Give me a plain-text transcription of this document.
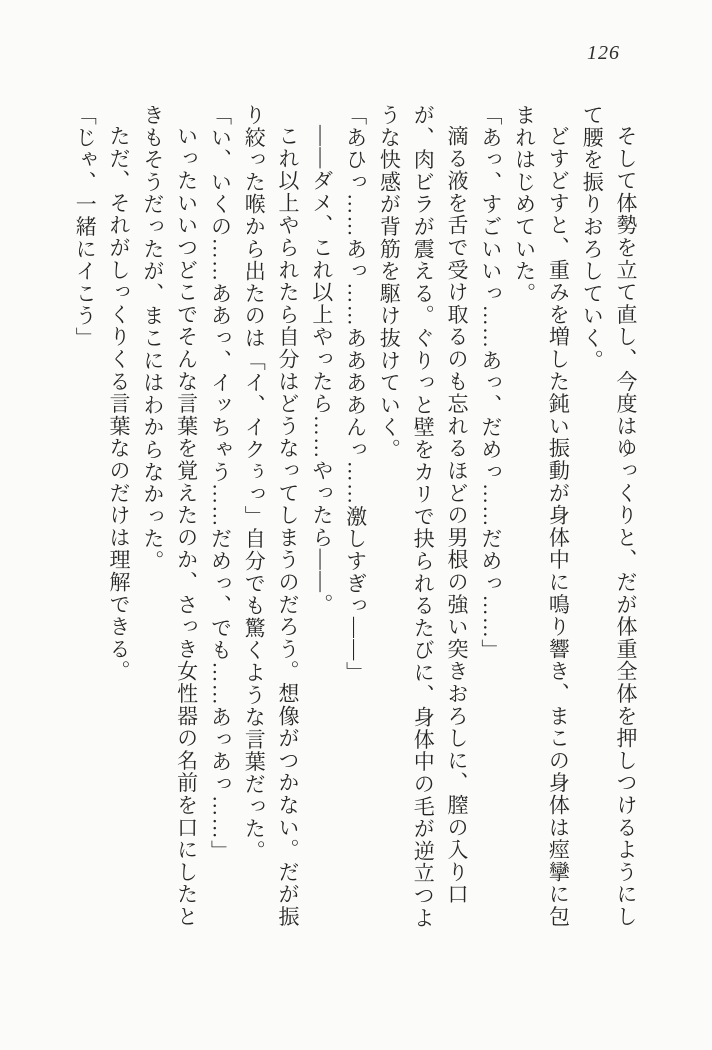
126

そして体勢を立て直し、今度はゆっくりと、だが体重全体を押しつけるようにして腰を振りおろしていく。

どすどすと、重みを増した鈍い振動が身体中に鳴り響き、まこの身体は痙攣に包まれはじめていた。

「あっ、すごいいっ……あっ、だめっ……だめっ……」

滴る液を舌で受け取るのも忘れるほどの男根の強い突きおろしに、膣の入り口が、肉ビラが震える。ぐりっと壁をカリで抉られるたびに、身体中の毛が逆立つような快感が背筋を駆け抜けていく。

「あひっ……あっ……ああああんっ……激しすぎっ――」

――ダメ、これ以上やったら……やったら――。

これ以上やられたら自分はどうなってしまうのだろう。想像がつかない。だが振り絞った喉から出たのは「イ、イクぅっ」自分でも驚くような言葉だった。

「い、いくの……ああっ、イッちゃう……だめっ、でも……あっあっ……」

いったいいつどこでそんな言葉を覚えたのか、さっき女性器の名前を口にしたときもそうだったが、まこにはわからなかった。

ただ、それがしっくりくる言葉なのだけは理解できる。

「じゃ、一緒にイこう」
